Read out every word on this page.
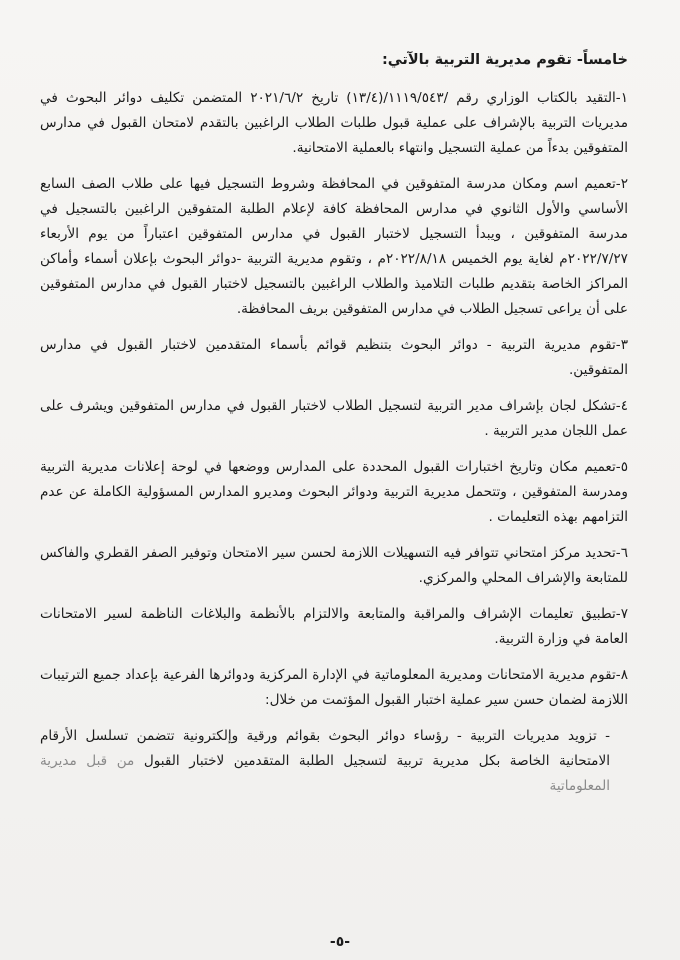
خامساً- تقوم مديرية التربية بالآتي:

١-التقيد بالكتاب الوزاري رقم /١١١٩/٥٤٣/(١٣/٤) تاريخ ٢٠٢١/٦/٢ المتضمن تكليف دوائر البحوث في مديريات التربية بالإشراف على عملية قبول طلبات الطلاب الراغبين بالتقدم لامتحان القبول في مدارس المتفوقين بدءاً من عملية التسجيل وانتهاء بالعملية الامتحانية.

٢-تعميم اسم ومكان مدرسة المتفوقين في المحافظة وشروط التسجيل فيها على طلاب الصف السابع الأساسي والأول الثانوي في مدارس المحافظة كافة لإعلام الطلبة المتفوقين الراغبين بالتسجيل في مدرسة المتفوقين ، ويبدأ التسجيل لاختبار القبول في مدارس المتفوقين اعتباراً من يوم الأربعاء ٢٠٢٢/٧/٢٧م لغاية يوم الخميس ٢٠٢٢/٨/١٨م ، وتقوم مديرية التربية -دوائر البحوث بإعلان أسماء وأماكن المراكز الخاصة بتقديم طلبات التلاميذ والطلاب الراغبين بالتسجيل لاختبار القبول في مدارس المتفوقين على أن يراعى تسجيل الطلاب في مدارس المتفوقين بريف المحافظة.

٣-تقوم مديرية التربية - دوائر البحوث بتنظيم قوائم بأسماء المتقدمين لاختبار القبول في مدارس المتفوقين.

٤-تشكل لجان بإشراف مدير التربية لتسجيل الطلاب لاختبار القبول في مدارس المتفوقين ويشرف على عمل اللجان مدير التربية .

٥-تعميم مكان وتاريخ اختبارات القبول المحددة على المدارس ووضعها في لوحة إعلانات مديرية التربية ومدرسة المتفوقين ، وتتحمل مديرية التربية ودوائر البحوث ومديرو المدارس المسؤولية الكاملة عن عدم التزامهم بهذه التعليمات .

٦-تحديد مركز امتحاني تتوافر فيه التسهيلات اللازمة لحسن سير الامتحان وتوفير الصفر القطري والفاكس للمتابعة والإشراف المحلي والمركزي.

٧-تطبيق تعليمات الإشراف والمراقبة والمتابعة والالتزام بالأنظمة والبلاغات الناظمة لسير الامتحانات العامة في وزارة التربية.

٨-تقوم مديرية الامتحانات ومديرية المعلوماتية في الإدارة المركزية ودوائرها الفرعية بإعداد جميع الترتيبات اللازمة لضمان حسن سير عملية اختبار القبول المؤتمت من خلال:

- تزويد مديريات التربية - رؤساء دوائر البحوث بقوائم ورقية وإلكترونية تتضمن تسلسل الأرقام الامتحانية الخاصة بكل مديرية تربية لتسجيل الطلبة المتقدمين لاختبار القبول من قبل مديرية المعلوماتية

-٥-
